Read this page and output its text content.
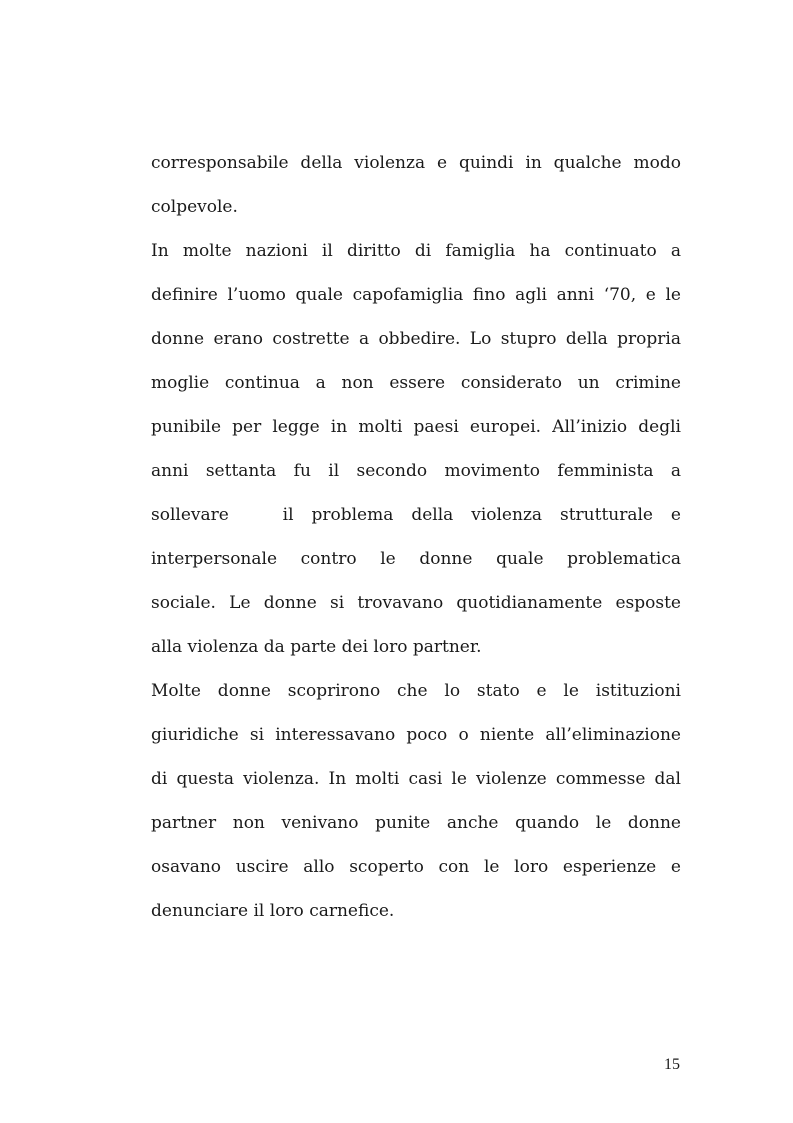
corresponsabile della violenza e quindi in qualche modo
colpevole.
In molte nazioni il diritto di famiglia ha continuato a
definire l’uomo quale capofamiglia fino agli anni ‘70, e le
donne erano costrette a obbedire. Lo stupro della propria
moglie continua a non essere considerato un crimine
punibile per legge in molti paesi europei. All’inizio degli
anni settanta fu il secondo movimento femminista a
sollevare   il problema della violenza strutturale e
interpersonale contro le donne quale problematica
sociale. Le donne si trovavano quotidianamente esposte
alla violenza da parte dei loro partner.
Molte donne scoprirono che lo stato e le istituzioni
giuridiche si interessavano poco o niente all’eliminazione
di questa violenza. In molti casi le violenze commesse dal
partner non venivano punite anche quando le donne
osavano uscire allo scoperto con le loro esperienze e
denunciare il loro carnefice.
15
